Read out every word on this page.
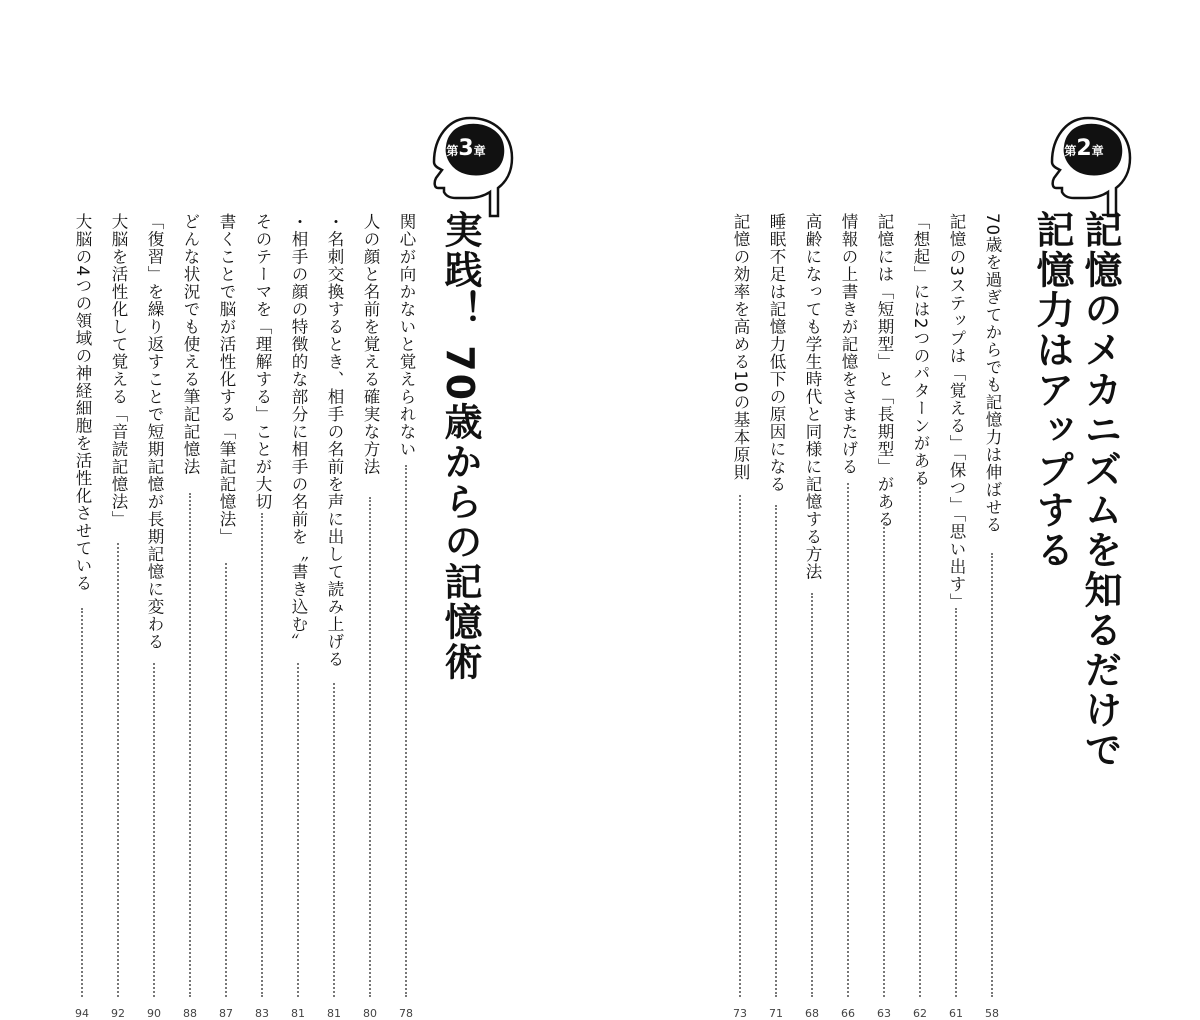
第3章
実践！ 70歳からの記憶術
関心が向かないと覚えられない
78
人の顔と名前を覚える確実な方法
80
・名刺交換するとき、相手の名前を声に出して読み上げる
81
・相手の顔の特徴的な部分に相手の名前を〝書き込む〟
81
そのテーマを「理解する」ことが大切
83
書くことで脳が活性化する「筆記記憶法」
87
どんな状況でも使える筆記記憶法
88
「復習」を繰り返すことで短期記憶が長期記憶に変わる
90
大脳を活性化して覚える「音読記憶法」
92
大脳の4つの領域の神経細胞を活性化させている
94
第2章
記憶のメカニズムを知るだけで
記憶力はアップする
70歳を過ぎてからでも記憶力は伸ばせる
58
記憶の3ステップは「覚える」「保つ」「思い出す」
61
「想起」には2つのパターンがある
62
記憶には「短期型」と「長期型」がある
63
情報の上書きが記憶をさまたげる
66
高齢になっても学生時代と同様に記憶する方法
68
睡眠不足は記憶力低下の原因になる
71
記憶の効率を高める10の基本原則
73
